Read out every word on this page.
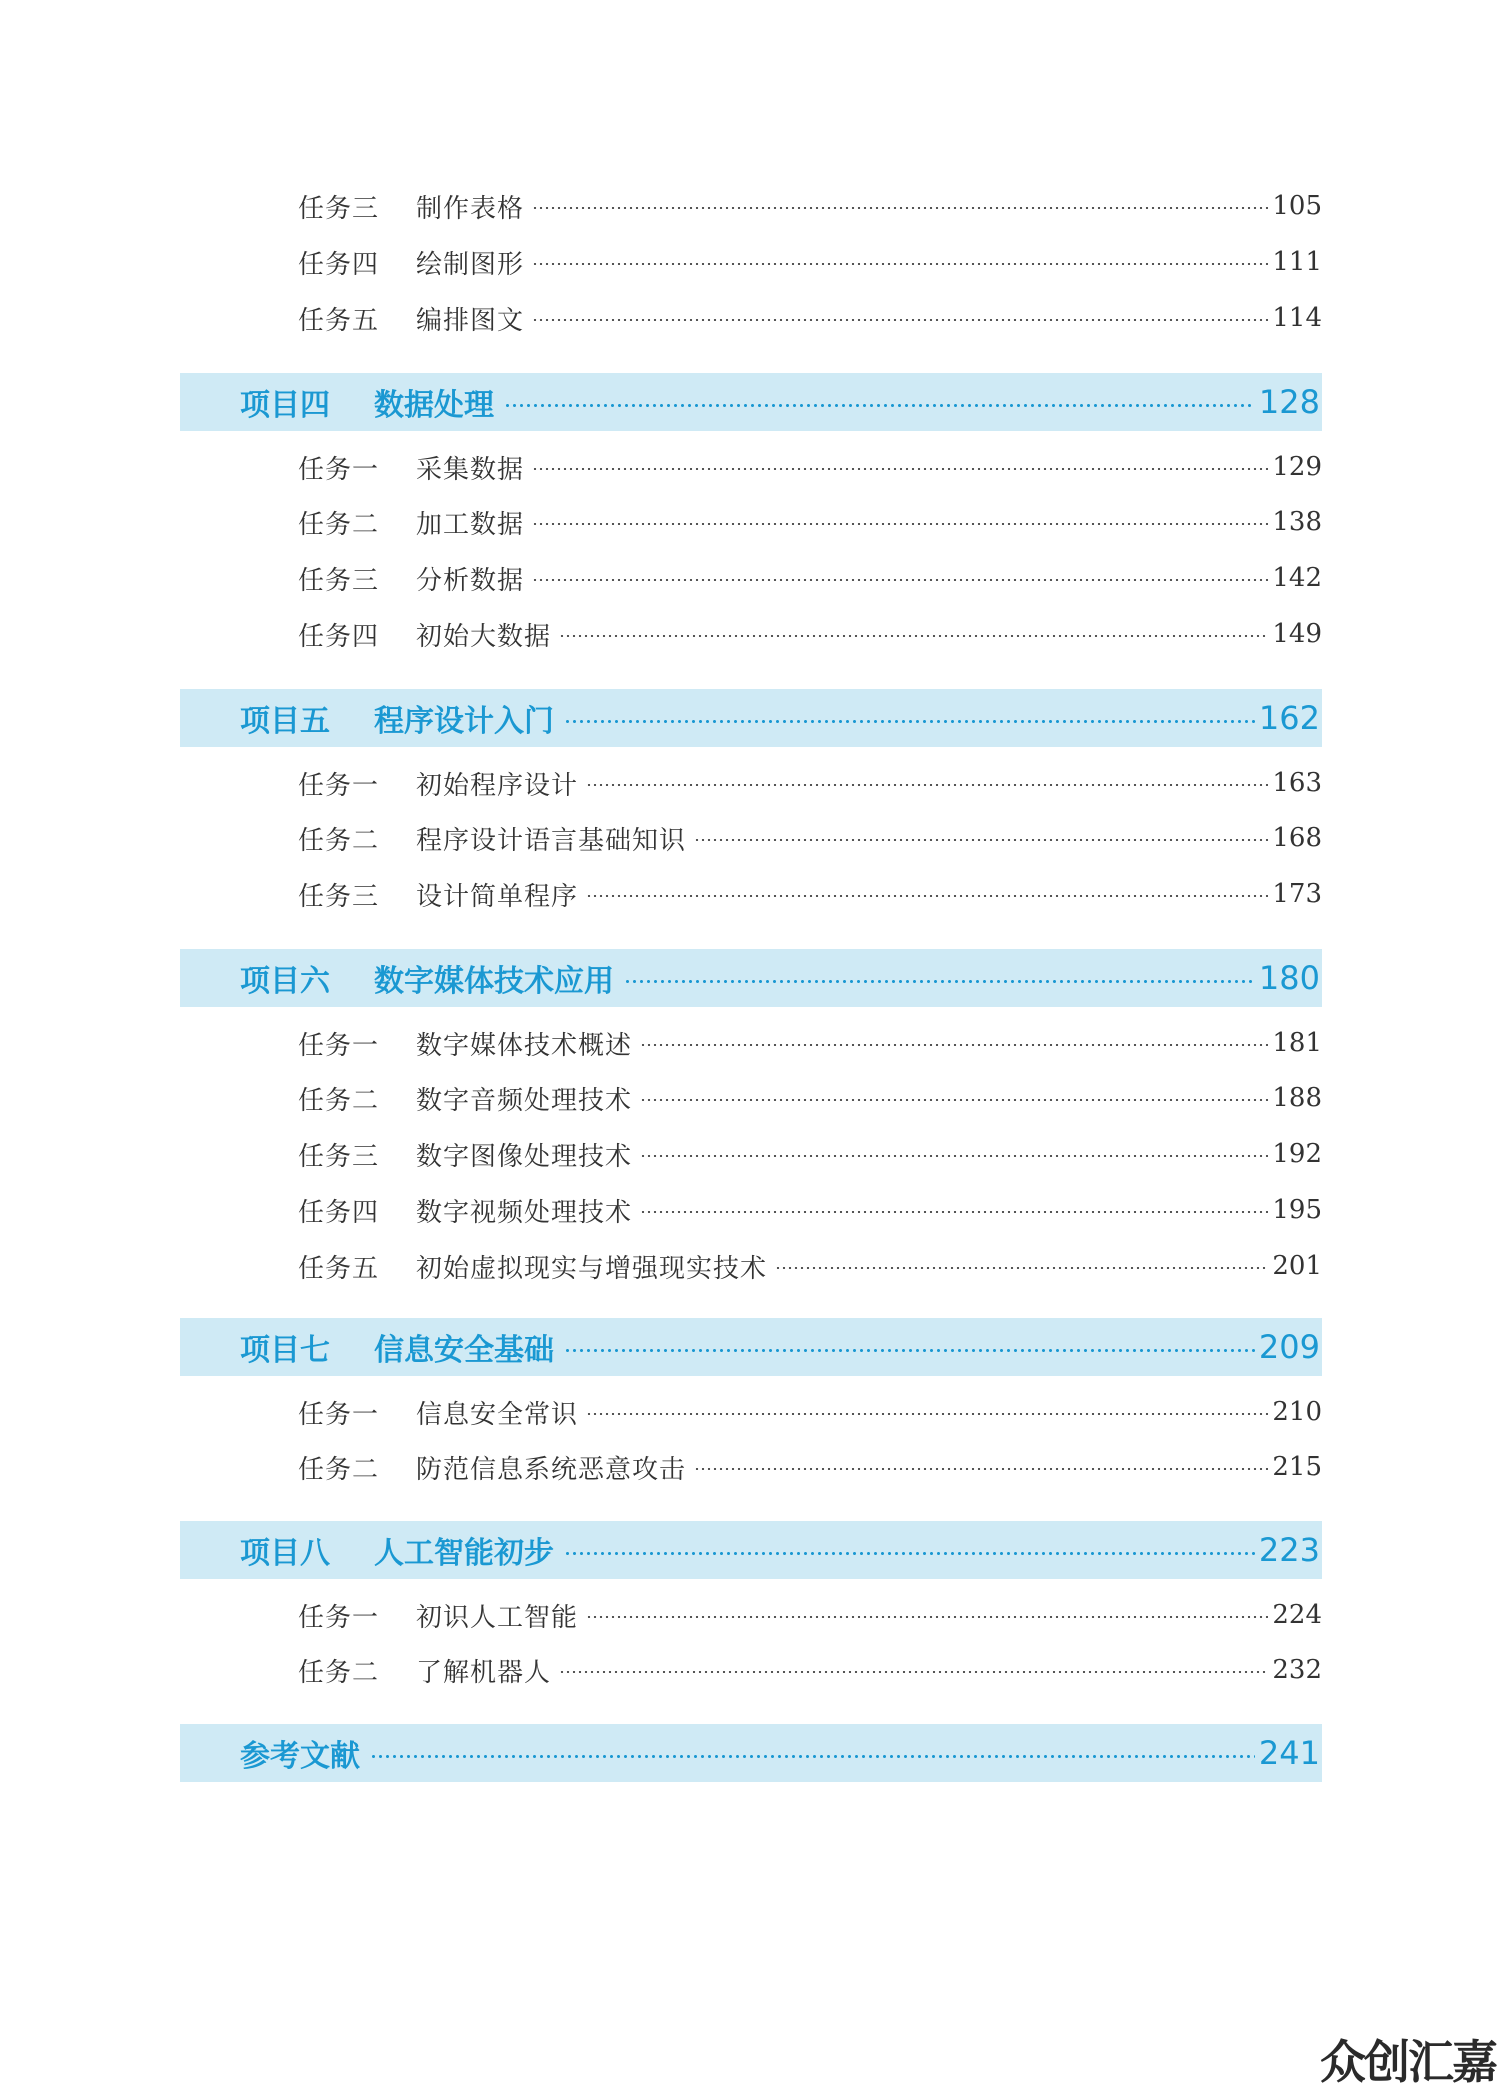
任务三	制作表格	105
任务四	绘制图形	111
任务五	编排图文	114
项目四	数据处理	128
任务一	采集数据	129
任务二	加工数据	138
任务三	分析数据	142
任务四	初始大数据	149
项目五	程序设计入门	162
任务一	初始程序设计	163
任务二	程序设计语言基础知识	168
任务三	设计简单程序	173
项目六	数字媒体技术应用	180
任务一	数字媒体技术概述	181
任务二	数字音频处理技术	188
任务三	数字图像处理技术	192
任务四	数字视频处理技术	195
任务五	初始虚拟现实与增强现实技术	201
项目七	信息安全基础	209
任务一	信息安全常识	210
任务二	防范信息系统恶意攻击	215
项目八	人工智能初步	223
任务一	初识人工智能	224
任务二	了解机器人	232
参考文献	241
众创汇嘉
